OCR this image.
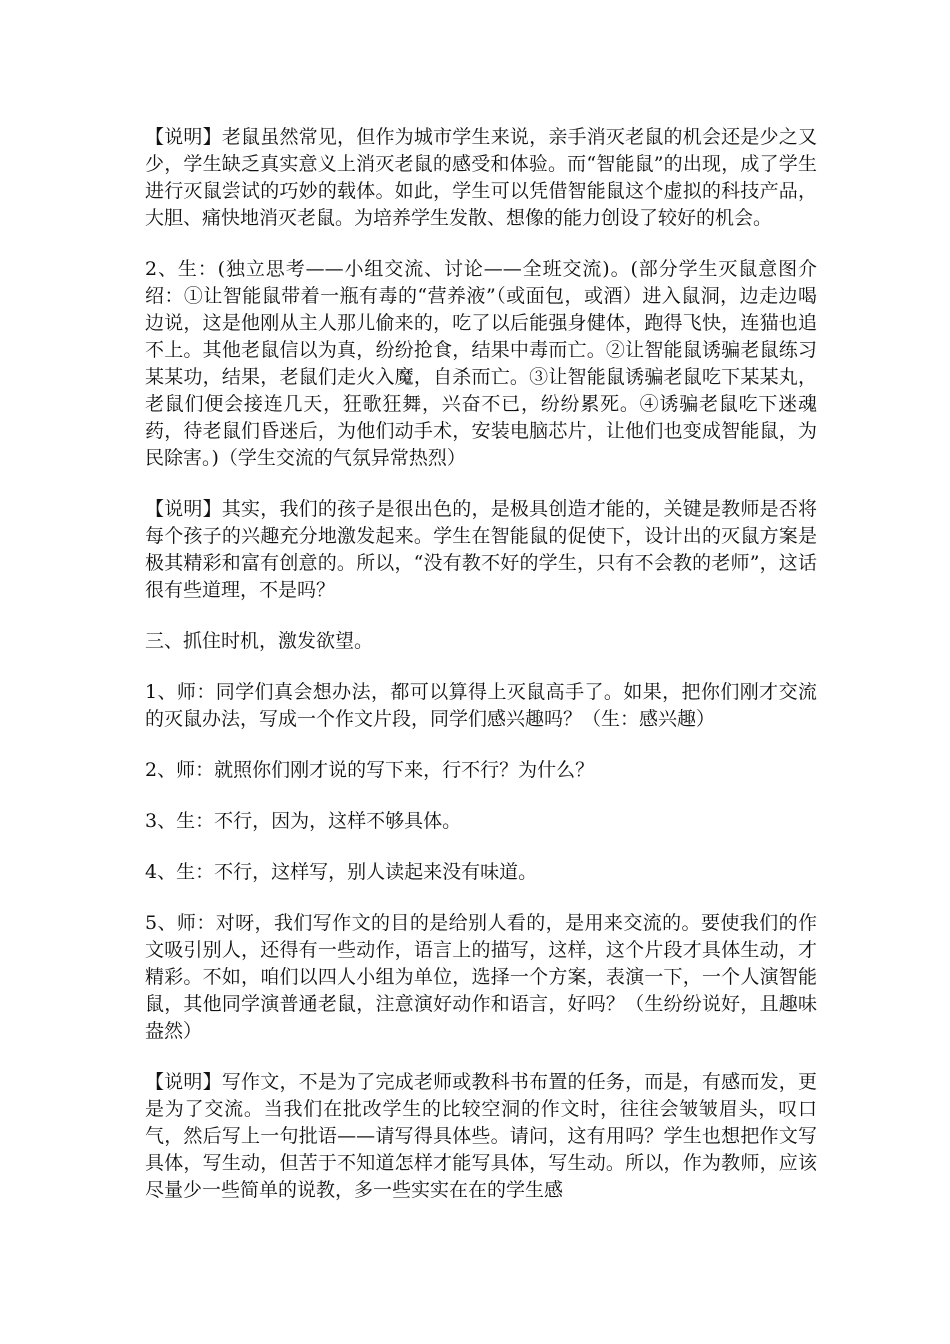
【说明】老鼠虽然常见，但作为城市学生来说，亲手消灭老鼠的机会还是少之又少，学生缺乏真实意义上消灭老鼠的感受和体验。而“智能鼠”的出现，成了学生进行灭鼠尝试的巧妙的载体。如此，学生可以凭借智能鼠这个虚拟的科技产品，大胆、痛快地消灭老鼠。为培养学生发散、想像的能力创设了较好的机会。

2、生：(独立思考——小组交流、讨论——全班交流)。(部分学生灭鼠意图介绍：①让智能鼠带着一瓶有毒的“营养液”（或面包，或酒）进入鼠洞，边走边喝边说，这是他刚从主人那儿偷来的，吃了以后能强身健体，跑得飞快，连猫也追不上。其他老鼠信以为真，纷纷抢食，结果中毒而亡。②让智能鼠诱骗老鼠练习某某功，结果，老鼠们走火入魔，自杀而亡。③让智能鼠诱骗老鼠吃下某某丸，老鼠们便会接连几天，狂歌狂舞，兴奋不已，纷纷累死。④诱骗老鼠吃下迷魂药，待老鼠们昏迷后，为他们动手术，安装电脑芯片，让他们也变成智能鼠，为民除害。)（学生交流的气氛异常热烈）

【说明】其实，我们的孩子是很出色的，是极具创造才能的，关键是教师是否将每个孩子的兴趣充分地激发起来。学生在智能鼠的促使下，设计出的灭鼠方案是极其精彩和富有创意的。所以，“没有教不好的学生，只有不会教的老师”，这话很有些道理，不是吗？

三、抓住时机，激发欲望。

1、师：同学们真会想办法，都可以算得上灭鼠高手了。如果，把你们刚才交流的灭鼠办法，写成一个作文片段，同学们感兴趣吗？（生：感兴趣）

2、师：就照你们刚才说的写下来，行不行？为什么？

3、生：不行，因为，这样不够具体。

4、生：不行，这样写，别人读起来没有味道。

5、师：对呀，我们写作文的目的是给别人看的，是用来交流的。要使我们的作文吸引别人，还得有一些动作，语言上的描写，这样，这个片段才具体生动，才精彩。不如，咱们以四人小组为单位，选择一个方案，表演一下，一个人演智能鼠，其他同学演普通老鼠，注意演好动作和语言，好吗？（生纷纷说好，且趣味盎然）

【说明】写作文，不是为了完成老师或教科书布置的任务，而是，有感而发，更是为了交流。当我们在批改学生的比较空洞的作文时，往往会皱皱眉头，叹口气，然后写上一句批语——请写得具体些。请问，这有用吗？学生也想把作文写具体，写生动，但苦于不知道怎样才能写具体，写生动。所以，作为教师，应该尽量少一些简单的说教，多一些实实在在的学生感
